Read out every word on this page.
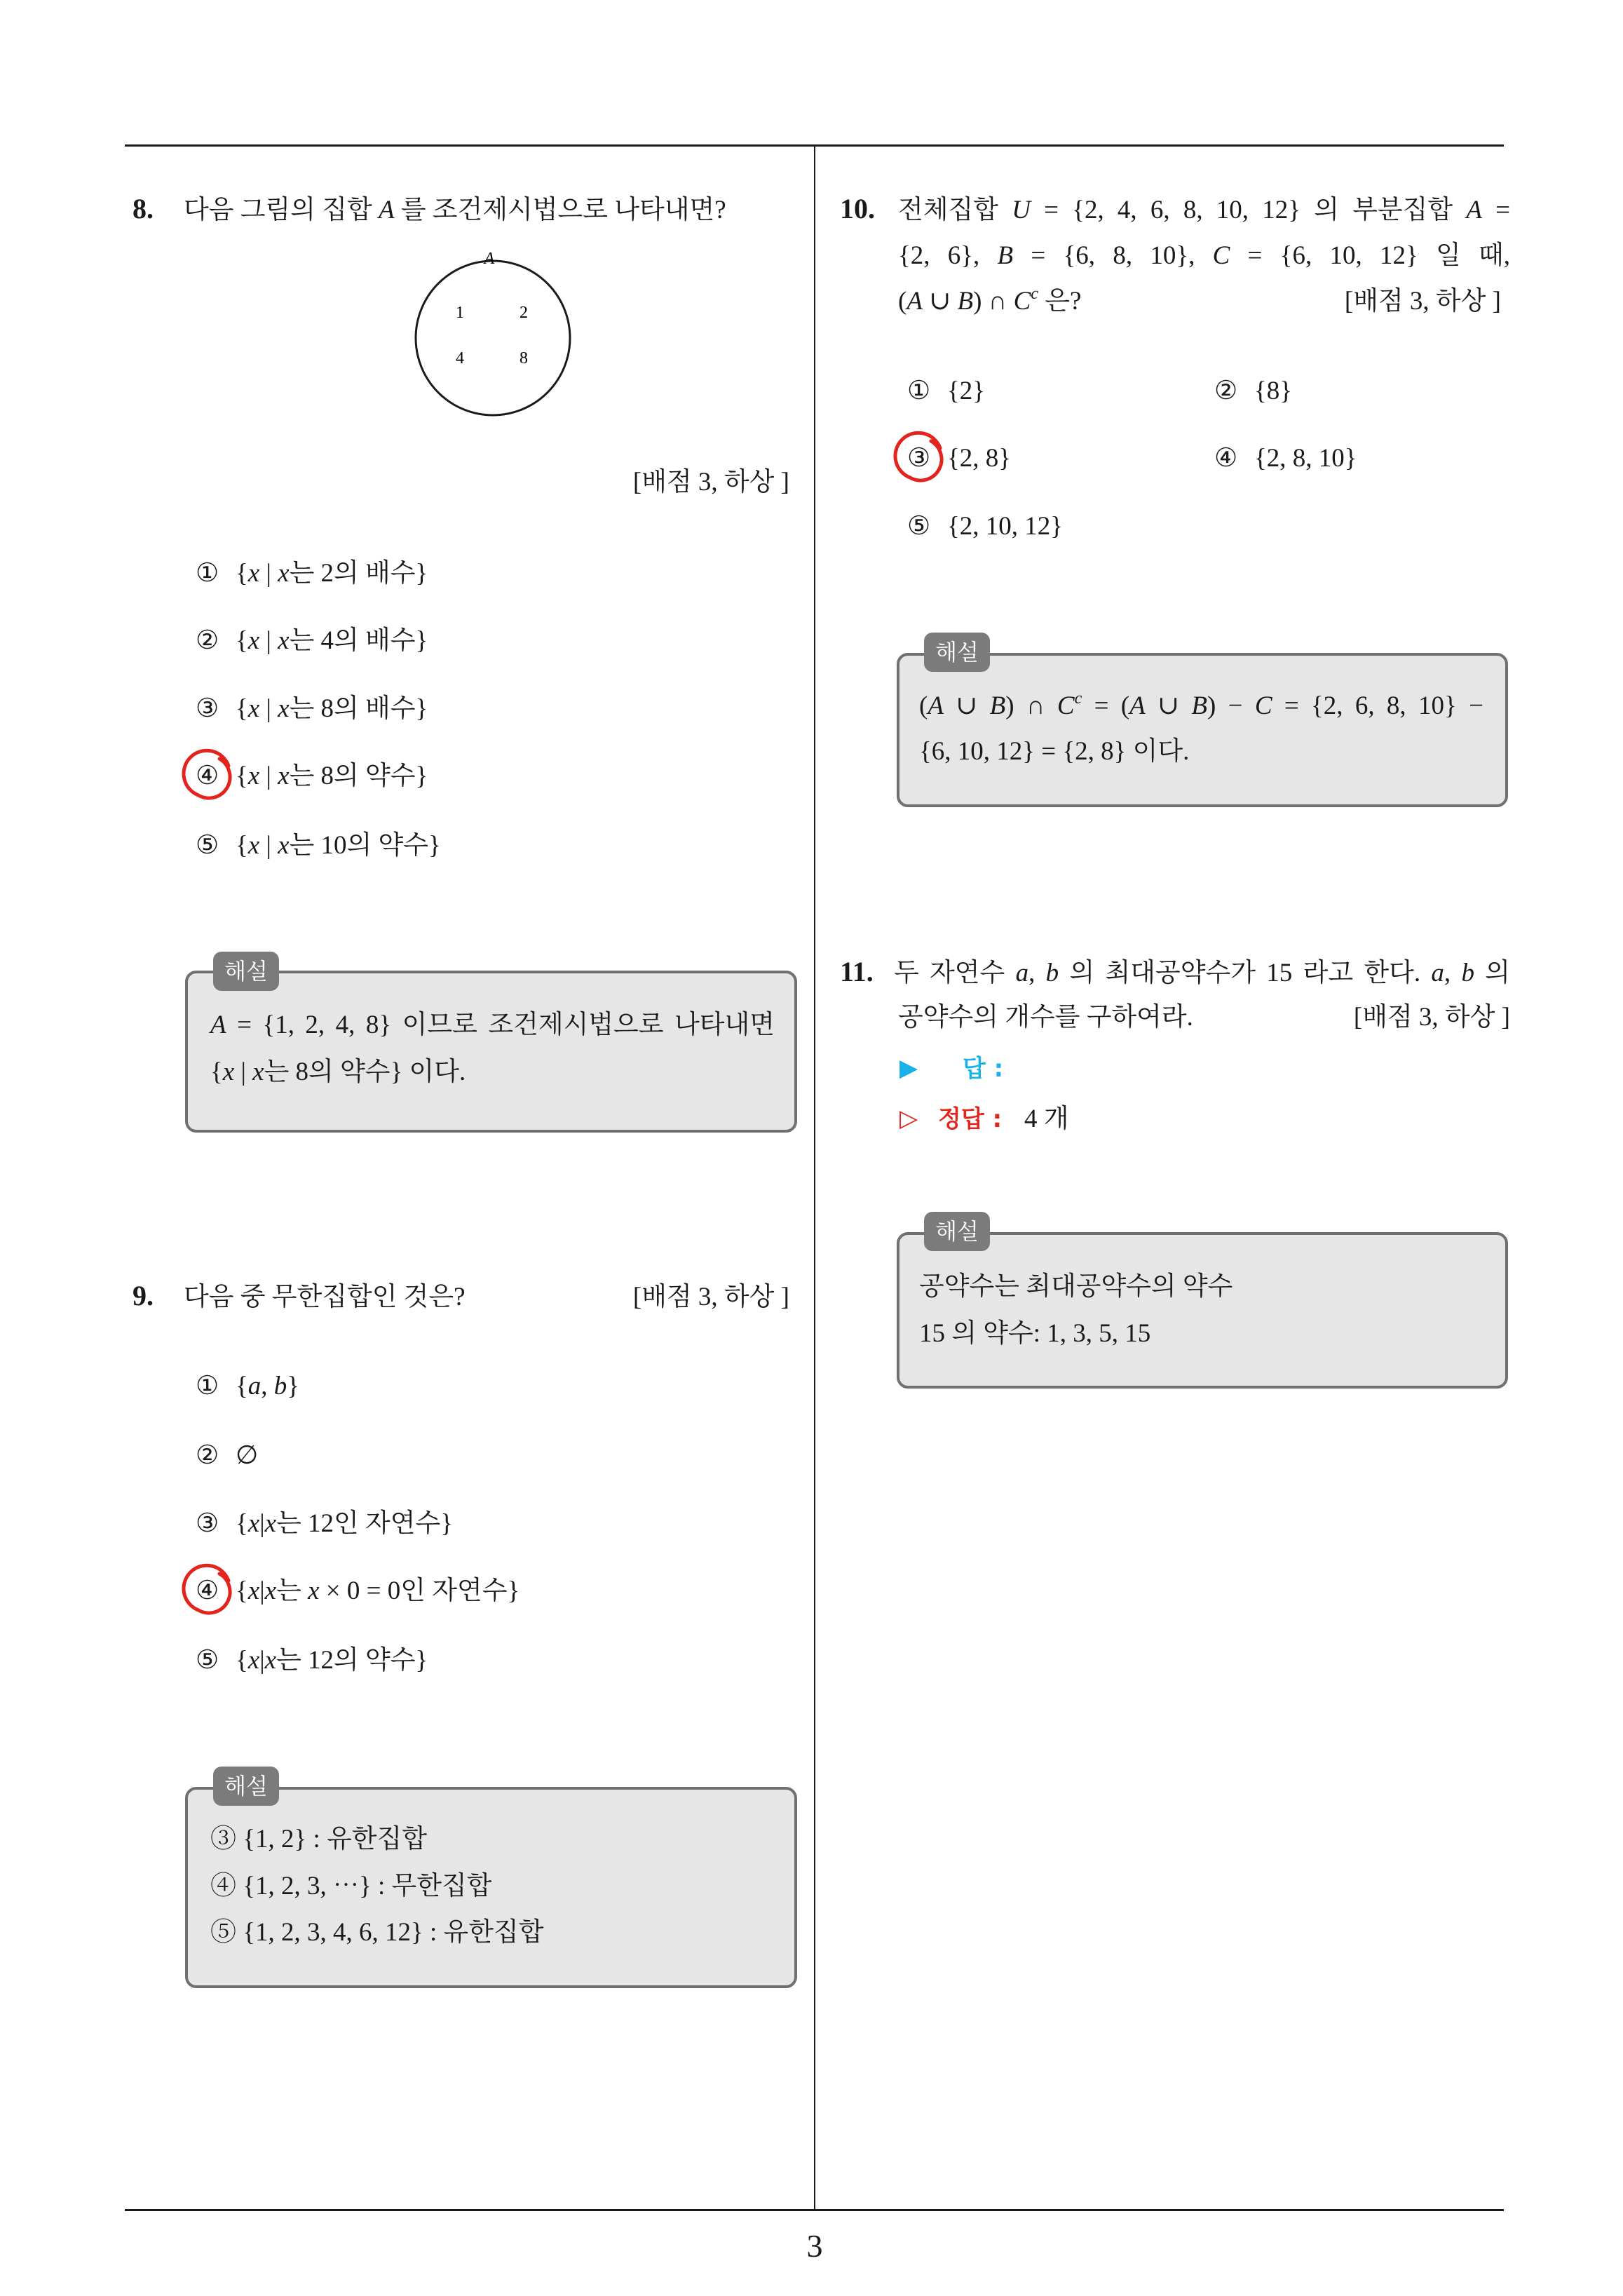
8. 다음 그림의 집합 A 를 조건제시법으로 나타내면?
A
1	2
4	8
[배점 3, 하상 ]
① {x | x는 2의 배수}
② {x | x는 4의 배수}
③ {x | x는 8의 배수}
④ {x | x는 8의 약수}
⑤ {x | x는 10의 약수}
해설
A = {1, 2, 4, 8} 이므로 조건제시법으로 나타내면
{x | x는 8의 약수} 이다.
9. 다음 중 무한집합인 것은?	[배점 3, 하상 ]
① {a, b}
② ∅
③ {x|x는 12인 자연수}
④ {x|x는 x × 0 = 0인 자연수}
⑤ {x|x는 12의 약수}
해설
③ {1, 2} : 유한집합
④ {1, 2, 3, ⋯} : 무한집합
⑤ {1, 2, 3, 4, 6, 12} : 유한집합
10. 전체집합 U = {2, 4, 6, 8, 10, 12} 의 부분집합 A =
{2, 6}, B = {6, 8, 10}, C = {6, 10, 12} 일 때,
(A ∪ B) ∩ $C^c$ 은?	[배점 3, 하상 ]
① {2}	② {8}
③ {2, 8}	④ {2, 8, 10}
⑤ {2, 10, 12}
해설
(A ∪ B) ∩ $C^c = (A$ ∪ B) − C = {2, 6, 8, 10} −
{6, 10, 12} = {2, 8} 이다.
11. 두 자연수 a, b 의 최대공약수가 15 라고 한다. a, b 의
공약수의 개수를 구하여라.	[배점 3, 하상 ]
▶ 답 :
▷ 정답 : 4 개
해설
공약수는 최대공약수의 약수
15 의 약수: 1, 3, 5, 15
3
